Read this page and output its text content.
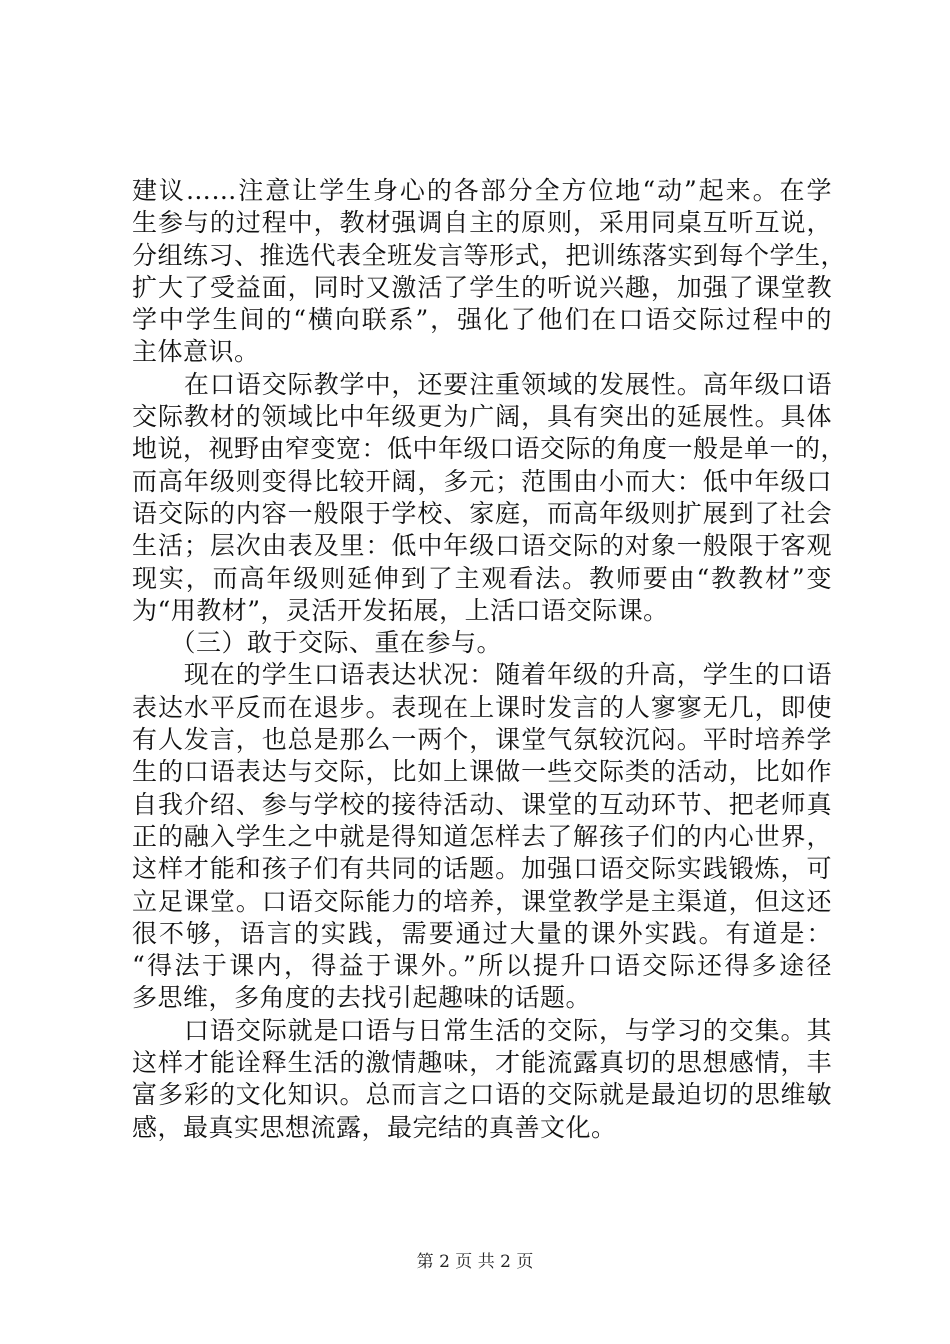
建议……注意让学生身心的各部分全方位地“动”起来。在学
生参与的过程中，教材强调自主的原则，采用同桌互听互说，
分组练习、推选代表全班发言等形式，把训练落实到每个学生，
扩大了受益面，同时又激活了学生的听说兴趣，加强了课堂教
学中学生间的“横向联系”，强化了他们在口语交际过程中的
主体意识。
　　在口语交际教学中，还要注重领域的发展性。高年级口语
交际教材的领域比中年级更为广阔，具有突出的延展性。具体
地说，视野由窄变宽：低中年级口语交际的角度一般是单一的，
而高年级则变得比较开阔，多元；范围由小而大：低中年级口
语交际的内容一般限于学校、家庭，而高年级则扩展到了社会
生活；层次由表及里：低中年级口语交际的对象一般限于客观
现实，而高年级则延伸到了主观看法。教师要由“教教材”变
为“用教材”，灵活开发拓展，上活口语交际课。
　　（三）敢于交际、重在参与。
　　现在的学生口语表达状况：随着年级的升高，学生的口语
表达水平反而在退步。表现在上课时发言的人寥寥无几，即使
有人发言，也总是那么一两个，课堂气氛较沉闷。平时培养学
生的口语表达与交际，比如上课做一些交际类的活动，比如作
自我介绍、参与学校的接待活动、课堂的互动环节、把老师真
正的融入学生之中就是得知道怎样去了解孩子们的内心世界，
这样才能和孩子们有共同的话题。加强口语交际实践锻炼，可
立足课堂。口语交际能力的培养，课堂教学是主渠道，但这还
很不够，语言的实践，需要通过大量的课外实践。有道是：
“得法于课内，得益于课外。”所以提升口语交际还得多途径
多思维，多角度的去找引起趣味的话题。
　　口语交际就是口语与日常生活的交际，与学习的交集。其
这样才能诠释生活的激情趣味，才能流露真切的思想感情，丰
富多彩的文化知识。总而言之口语的交际就是最迫切的思维敏
感，最真实思想流露，最完结的真善文化。
第 2 页 共 2 页
